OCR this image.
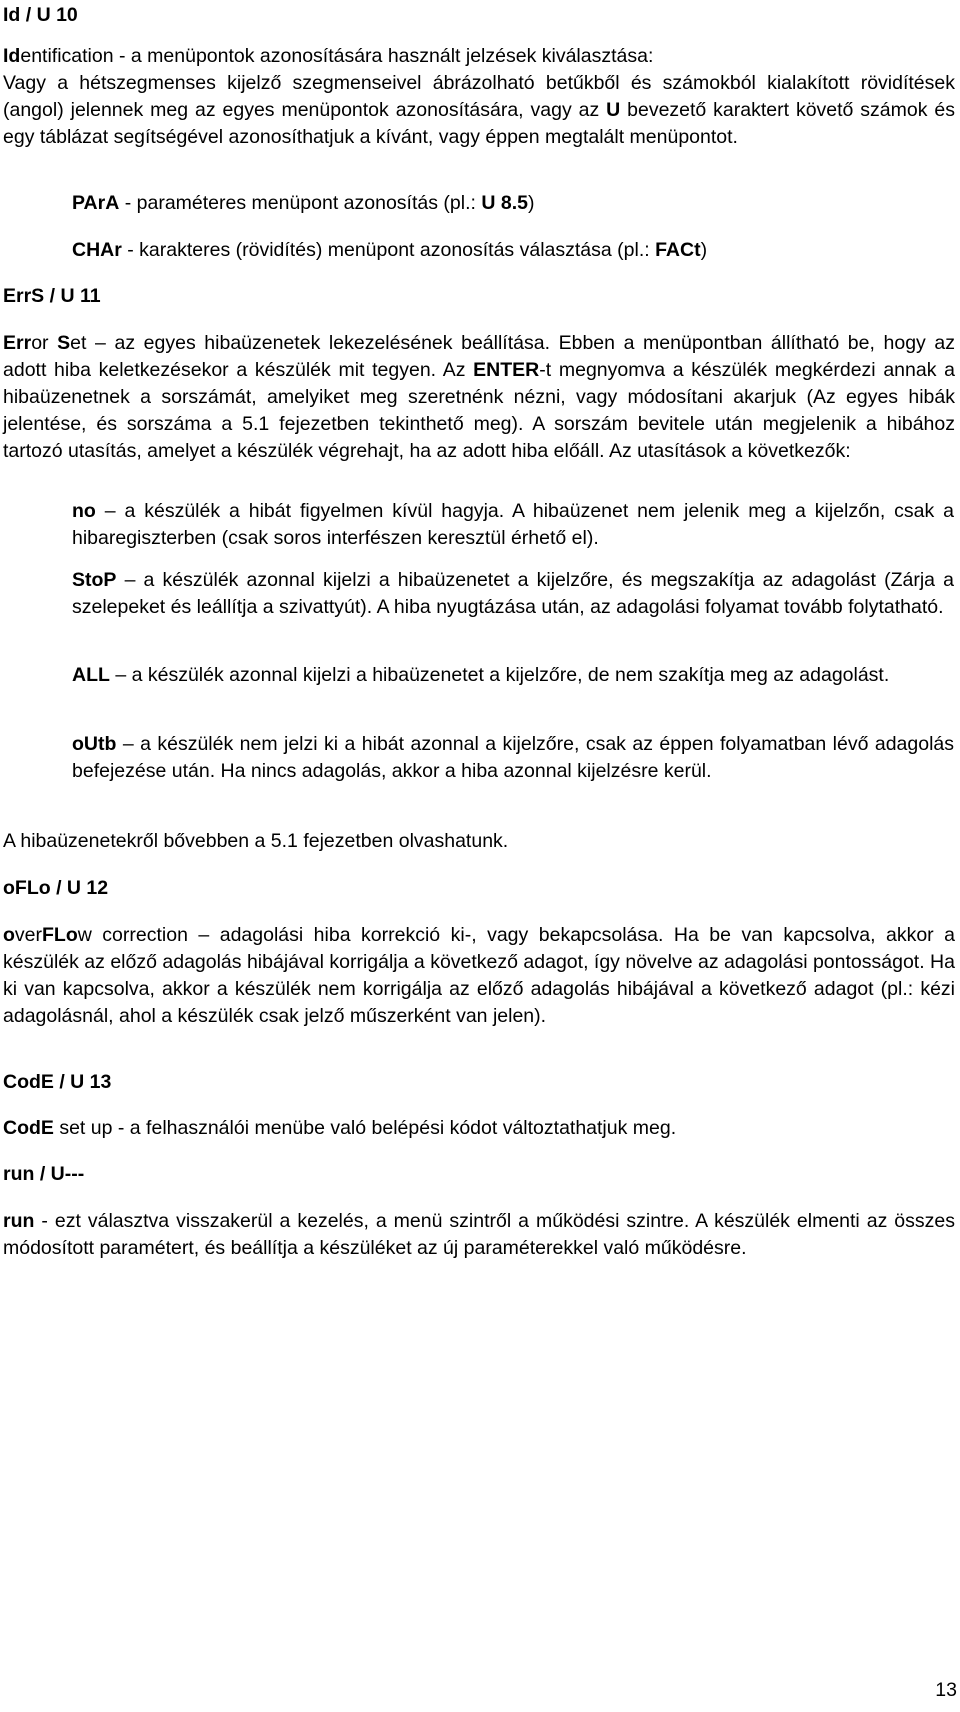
Id / U 10

Identification - a menüpontok azonosítására használt jelzések kiválasztása:

Vagy a hétszegmenses kijelző szegmenseivel ábrázolható betűkből és számokból kialakított rövidítések (angol) jelennek meg az egyes menüpontok azonosítására, vagy az U bevezető karaktert követő számok és egy táblázat segítségével azonosíthatjuk a kívánt, vagy éppen megtalált menüpontot.

PArA - paraméteres menüpont azonosítás (pl.: U 8.5)
CHAr - karakteres (rövidítés) menüpont azonosítás választása (pl.: FACt)
ErrS / U 11

Error Set – az egyes hibaüzenetek lekezelésének beállítása. Ebben a menüpontban állítható be, hogy az adott hiba keletkezésekor a készülék mit tegyen. Az ENTER-t megnyomva a készülék megkérdezi annak a hibaüzenetnek a sorszámát, amelyiket meg szeretnénk nézni, vagy módosítani akarjuk (Az egyes hibák jelentése, és sorszáma a 5.1 fejezetben tekinthető meg). A sorszám bevitele után megjelenik a hibához tartozó utasítás, amelyet a készülék végrehajt, ha az adott hiba előáll. Az utasítások a következők:

no – a készülék a hibát figyelmen kívül hagyja. A hibaüzenet nem jelenik meg a kijelzőn, csak a hibaregiszterben (csak soros interfészen keresztül érhető el).

StoP – a készülék azonnal kijelzi a hibaüzenetet a kijelzőre, és megszakítja az adagolást (Zárja a szelepeket és leállítja a szivattyút). A hiba nyugtázása után, az adagolási folyamat tovább folytatható.

ALL – a készülék azonnal kijelzi a hibaüzenetet a kijelzőre, de nem szakítja meg az adagolást.

oUtb – a készülék nem jelzi ki a hibát azonnal a kijelzőre, csak az éppen folyamatban lévő adagolás befejezése után. Ha nincs adagolás, akkor a hiba azonnal kijelzésre kerül.

A hibaüzenetekről bővebben a 5.1 fejezetben olvashatunk.
oFLo / U 12

overFLow correction – adagolási hiba korrekció ki-, vagy bekapcsolása. Ha be van kapcsolva, akkor a készülék az előző adagolás hibájával korrigálja a következő adagot, így növelve az adagolási pontosságot. Ha ki van kapcsolva, akkor a készülék nem korrigálja az előző adagolás hibájával a következő adagot (pl.: kézi adagolásnál, ahol a készülék csak jelző műszerként van jelen).

CodE / U 13

CodE set up - a felhasználói menübe való belépési kódot változtathatjuk meg.

run / U---

run - ezt választva visszakerül a kezelés, a menü szintről a működési szintre. A készülék elmenti az összes módosított paramétert, és beállítja a készüléket az új paraméterekkel való működésre.

13
